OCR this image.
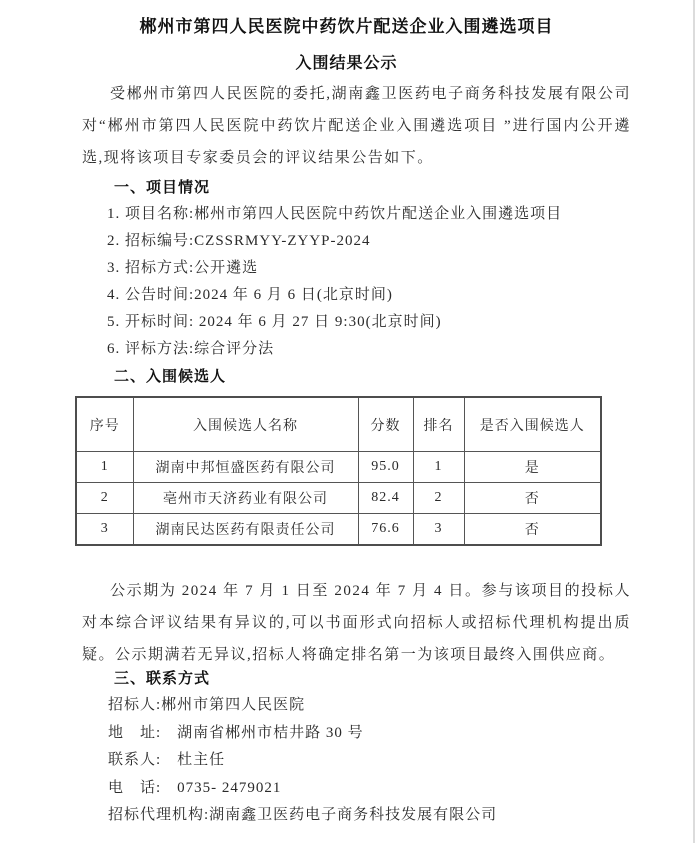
郴州市第四人民医院中药饮片配送企业入围遴选项目
入围结果公示

受郴州市第四人民医院的委托,湖南鑫卫医药电子商务科技发展有限公司对“郴州市第四人民医院中药饮片配送企业入围遴选项目 ”进行国内公开遴选,现将该项目专家委员会的评议结果公告如下。

一、项目情况
1. 项目名称:郴州市第四人民医院中药饮片配送企业入围遴选项目
2. 招标编号:CZSSRMYY-ZYYP-2024
3. 招标方式:公开遴选
4. 公告时间:2024 年 6 月 6 日(北京时间)
5. 开标时间: 2024 年 6 月 27 日 9:30(北京时间)
6. 评标方法:综合评分法
二、入围候选人
序号	入围候选人名称	分数	排名	是否入围候选人
1	湖南中邦恒盛医药有限公司	95.0	1	是
2	亳州市天济药业有限公司	82.4	2	否
3	湖南民达医药有限责任公司	76.6	3	否

公示期为 2024 年 7 月 1 日至 2024 年 7 月 4 日。参与该项目的投标人对本综合评议结果有异议的,可以书面形式向招标人或招标代理机构提出质疑。公示期满若无异议,招标人将确定排名第一为该项目最终入围供应商。

三、联系方式
招标人:郴州市第四人民医院
地　址:　湖南省郴州市桔井路 30 号
联系人:　杜主任
电　话:　0735- 2479021
招标代理机构:湖南鑫卫医药电子商务科技发展有限公司
